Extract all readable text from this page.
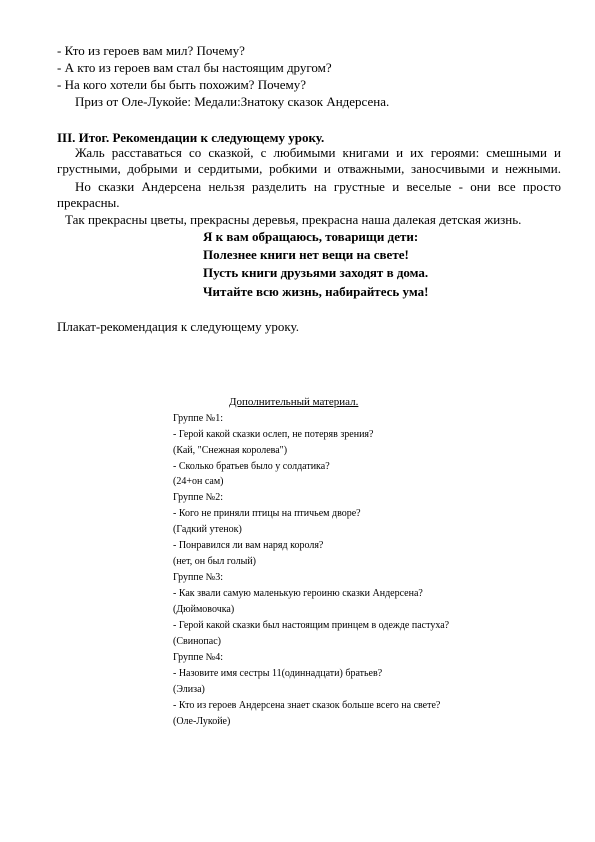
- Кто из героев вам мил? Почему?
- А кто из героев вам стал бы настоящим другом?
- На кого хотели бы быть похожим? Почему?
Приз от Оле-Лукойе: Медали:Знатоку сказок Андерсена.
III. Итог. Рекомендации к следующему уроку.
Жаль расставаться со сказкой, с любимыми книгами и их героями: смешными и
грустными, добрыми и сердитыми, робкими и отважными, заносчивыми и нежными.
Но сказки Андерсена нельзя разделить на грустные и веселые - они все просто
прекрасны.
Так прекрасны цветы, прекрасны деревья, прекрасна наша далекая детская жизнь.
Я к вам обращаюсь, товарищи дети:
Полезнее книги нет вещи на свете!
Пусть книги друзьями заходят в дома.
Читайте всю жизнь, набирайтесь ума!
Плакат-рекомендация к следующему уроку.
Дополнительный материал.
Группе №1:
- Герой какой сказки ослеп, не потеряв зрения?
(Кай, "Снежная королева")
- Сколько братьев было у солдатика?
(24+он сам)
Группе №2:
- Кого не приняли птицы на птичьем дворе?
(Гадкий утенок)
- Понравился ли вам наряд короля?
(нет, он был голый)
Группе №3:
- Как звали самую маленькую героиню сказки Андерсена?
(Дюймовочка)
- Герой какой сказки был настоящим принцем в одежде пастуха?
(Свинопас)
Группе №4:
- Назовите имя сестры 11(одиннадцати) братьев?
(Элиза)
- Кто из героев Андерсена знает сказок больше всего на свете?
(Оле-Лукойе)
